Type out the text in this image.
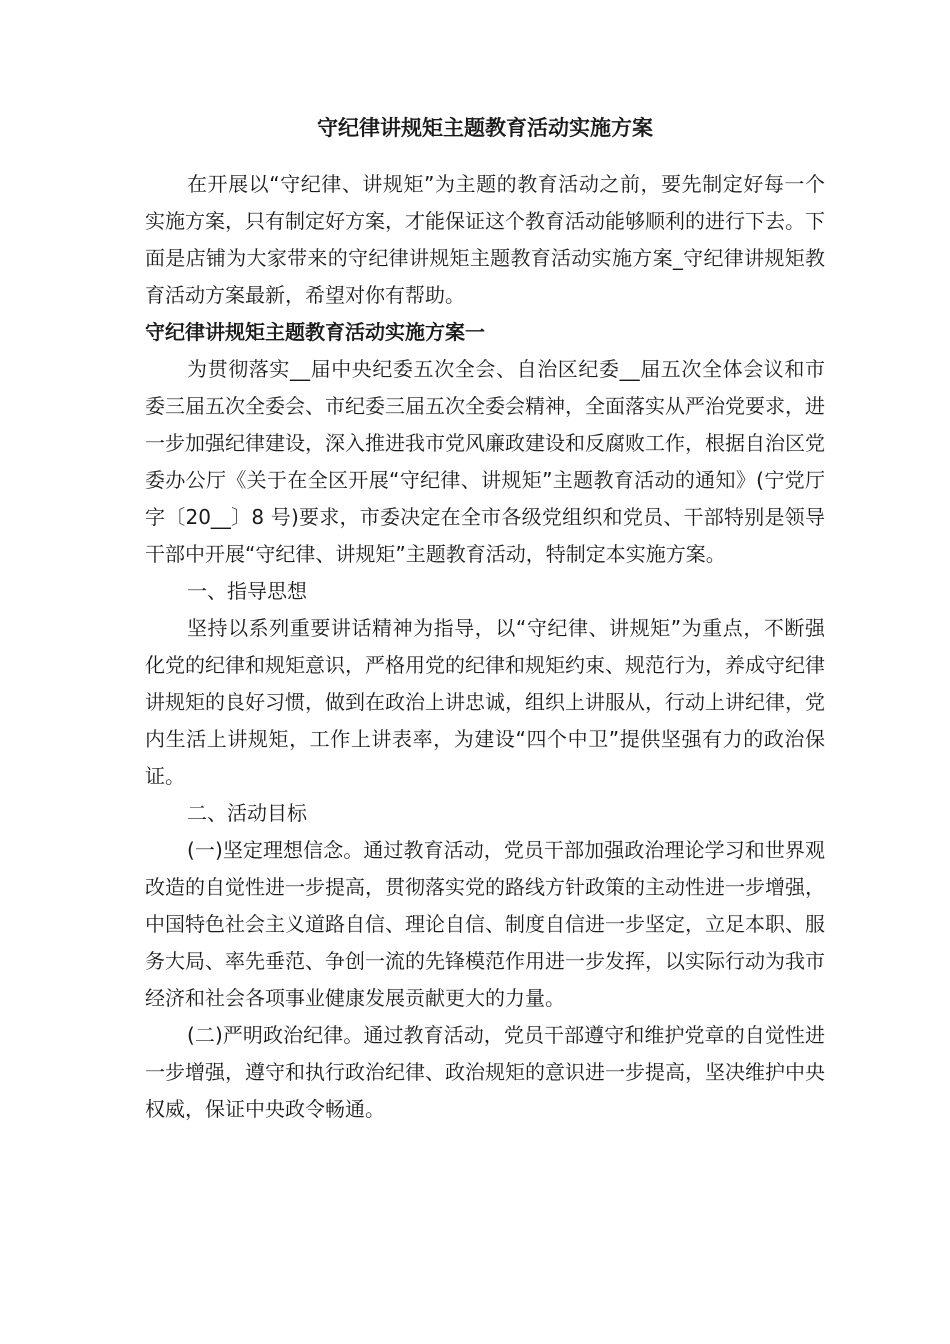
守纪律讲规矩主题教育活动实施方案

在开展以“守纪律、讲规矩”为主题的教育活动之前，要先制定好每一个实施方案，只有制定好方案，才能保证这个教育活动能够顺利的进行下去。下面是店铺为大家带来的守纪律讲规矩主题教育活动实施方案_守纪律讲规矩教育活动方案最新，希望对你有帮助。

守纪律讲规矩主题教育活动实施方案一

为贯彻落实__届中央纪委五次全会、自治区纪委__届五次全体会议和市委三届五次全委会、市纪委三届五次全委会精神，全面落实从严治党要求，进一步加强纪律建设，深入推进我市党风廉政建设和反腐败工作，根据自治区党委办公厅《关于在全区开展“守纪律、讲规矩”主题教育活动的通知》(宁党厅字〔20__〕8 号)要求，市委决定在全市各级党组织和党员、干部特别是领导干部中开展“守纪律、讲规矩”主题教育活动，特制定本实施方案。

一、指导思想

坚持以系列重要讲话精神为指导，以“守纪律、讲规矩”为重点，不断强化党的纪律和规矩意识，严格用党的纪律和规矩约束、规范行为，养成守纪律讲规矩的良好习惯，做到在政治上讲忠诚，组织上讲服从，行动上讲纪律，党内生活上讲规矩，工作上讲表率，为建设“四个中卫”提供坚强有力的政治保证。

二、活动目标

(一)坚定理想信念。通过教育活动，党员干部加强政治理论学习和世界观改造的自觉性进一步提高，贯彻落实党的路线方针政策的主动性进一步增强，中国特色社会主义道路自信、理论自信、制度自信进一步坚定，立足本职、服务大局、率先垂范、争创一流的先锋模范作用进一步发挥，以实际行动为我市经济和社会各项事业健康发展贡献更大的力量。

(二)严明政治纪律。通过教育活动，党员干部遵守和维护党章的自觉性进一步增强，遵守和执行政治纪律、政治规矩的意识进一步提高，坚决维护中央权威，保证中央政令畅通。
